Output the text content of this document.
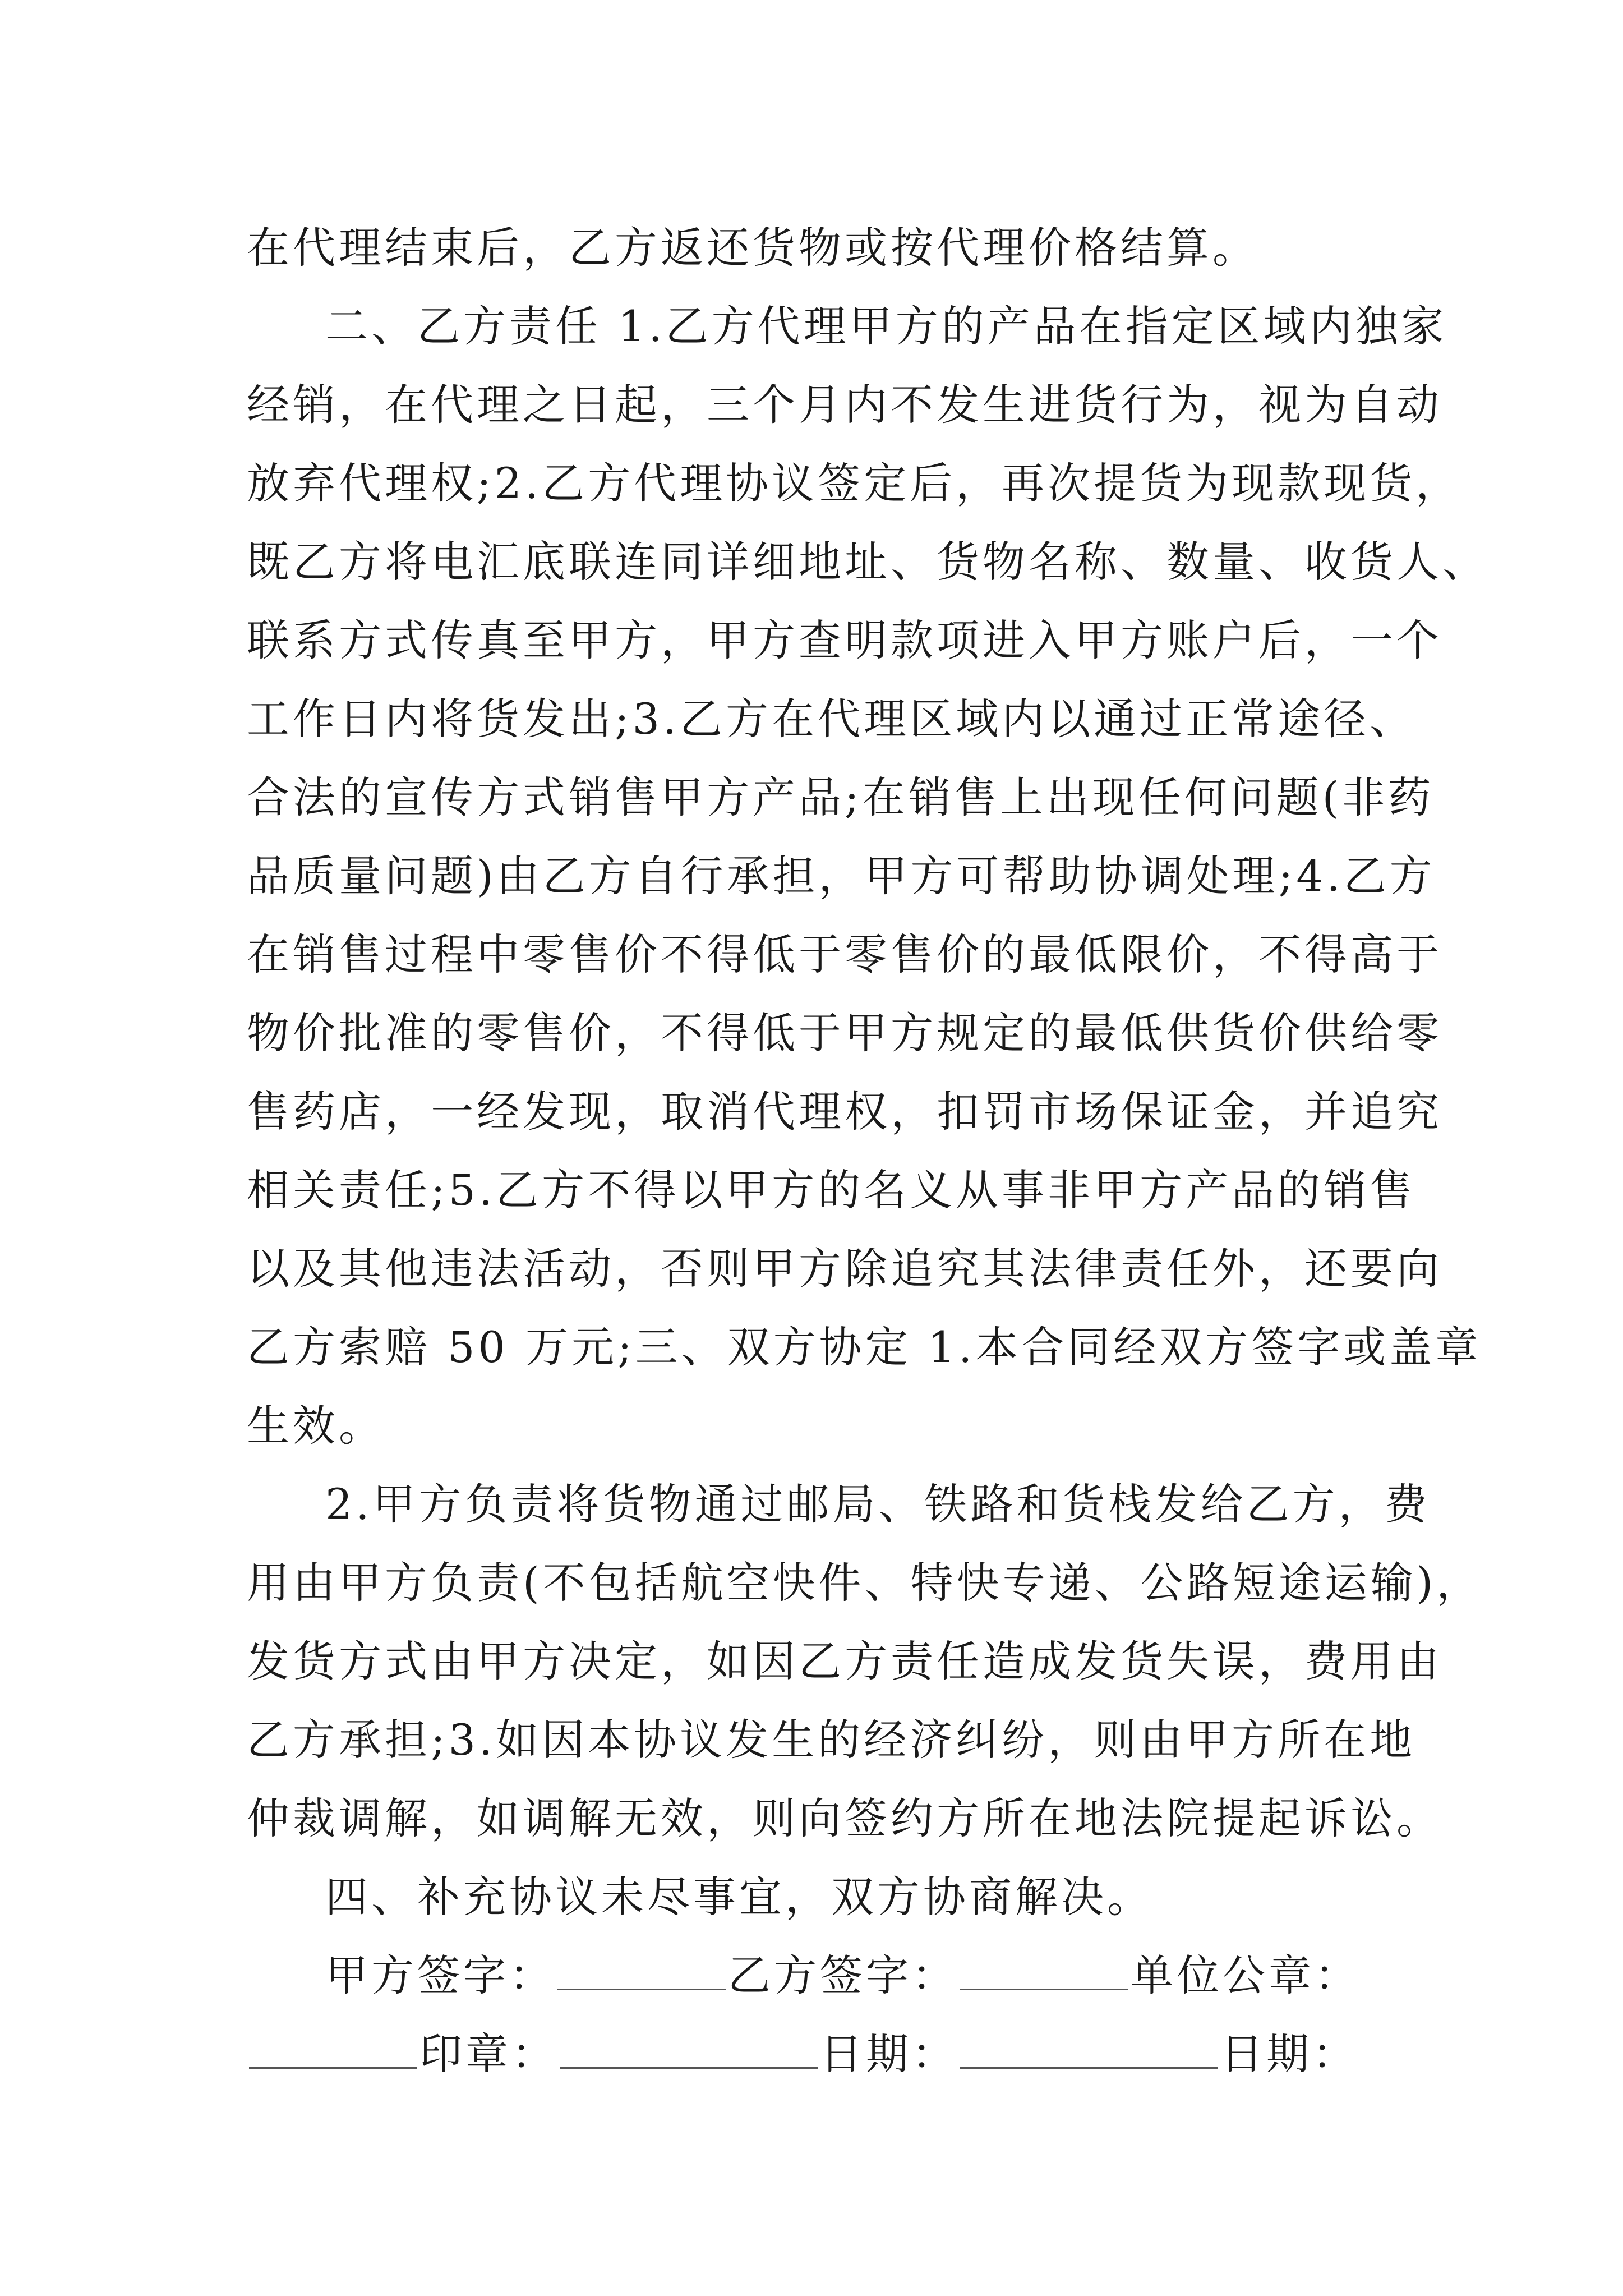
在代理结束后，乙方返还货物或按代理价格结算。
二、乙方责任 1.乙方代理甲方的产品在指定区域内独家
经销，在代理之日起，三个月内不发生进货行为，视为自动
放弃代理权;2.乙方代理协议签定后，再次提货为现款现货，
既乙方将电汇底联连同详细地址、货物名称、数量、收货人、
联系方式传真至甲方，甲方查明款项进入甲方账户后，一个
工作日内将货发出;3.乙方在代理区域内以通过正常途径、
合法的宣传方式销售甲方产品;在销售上出现任何问题(非药
品质量问题)由乙方自行承担，甲方可帮助协调处理;4.乙方
在销售过程中零售价不得低于零售价的最低限价，不得高于
物价批准的零售价，不得低于甲方规定的最低供货价供给零
售药店，一经发现，取消代理权，扣罚市场保证金，并追究
相关责任;5.乙方不得以甲方的名义从事非甲方产品的销售
以及其他违法活动，否则甲方除追究其法律责任外，还要向
乙方索赔 50 万元;三、双方协定 1.本合同经双方签字或盖章
生效。
2.甲方负责将货物通过邮局、铁路和货栈发给乙方，费
用由甲方负责(不包括航空快件、特快专递、公路短途运输)，
发货方式由甲方决定，如因乙方责任造成发货失误，费用由
乙方承担;3.如因本协议发生的经济纠纷，则由甲方所在地
仲裁调解，如调解无效，则向签约方所在地法院提起诉讼。
四、补充协议未尽事宜，双方协商解决。
甲方签字：	乙方签字：	单位公章：
印章：	日期：	日期：
